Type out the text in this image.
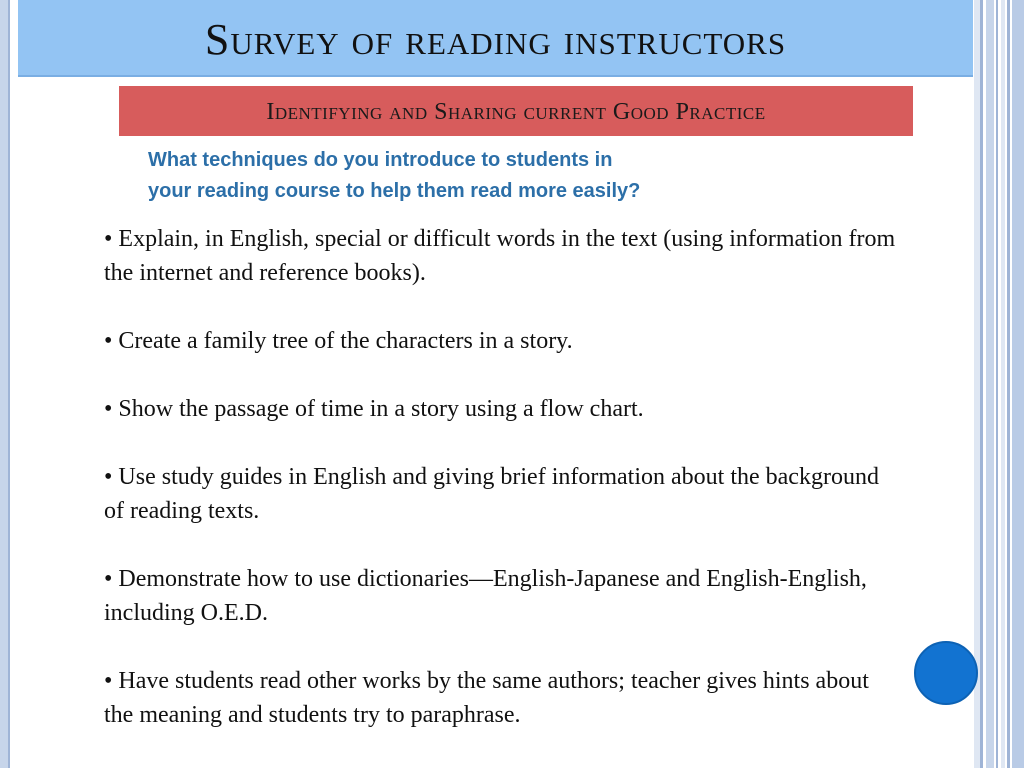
Survey of reading instructors
Identifying and Sharing current Good Practice
What techniques do you introduce to students in
your reading course to help them read more easily?
• Explain, in English, special or difficult words in the text (using information from the internet and reference books).
• Create a family tree of the characters in a story.
• Show the passage of time in a story using a flow chart.
• Use study guides in English and giving brief information about the background of reading texts.
• Demonstrate how to use dictionaries—English-Japanese and English-English, including O.E.D.
• Have students read other works by the same authors; teacher gives hints about the meaning and students try to paraphrase.
